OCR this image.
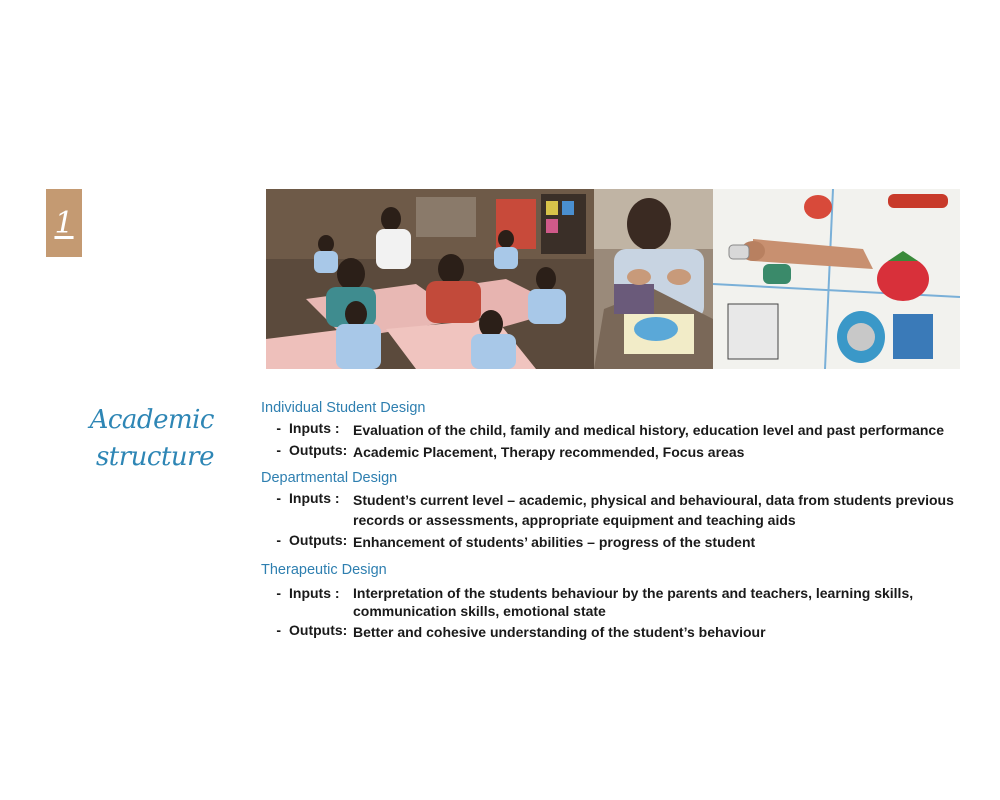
1
Academic
structure
Individual Student Design
- Inputs : Evaluation of the child, family and medical history, education level and past performance
- Outputs: Academic Placement, Therapy recommended, Focus areas
Departmental Design
- Inputs : Student’s current level – academic, physical and behavioural, data from students previous records or assessments, appropriate equipment and teaching aids
- Outputs: Enhancement of students’ abilities – progress of the student
Therapeutic Design
- Inputs : Interpretation of the students behaviour by the parents and teachers, learning skills, communication skills, emotional state
- Outputs: Better and cohesive understanding of the student’s behaviour
